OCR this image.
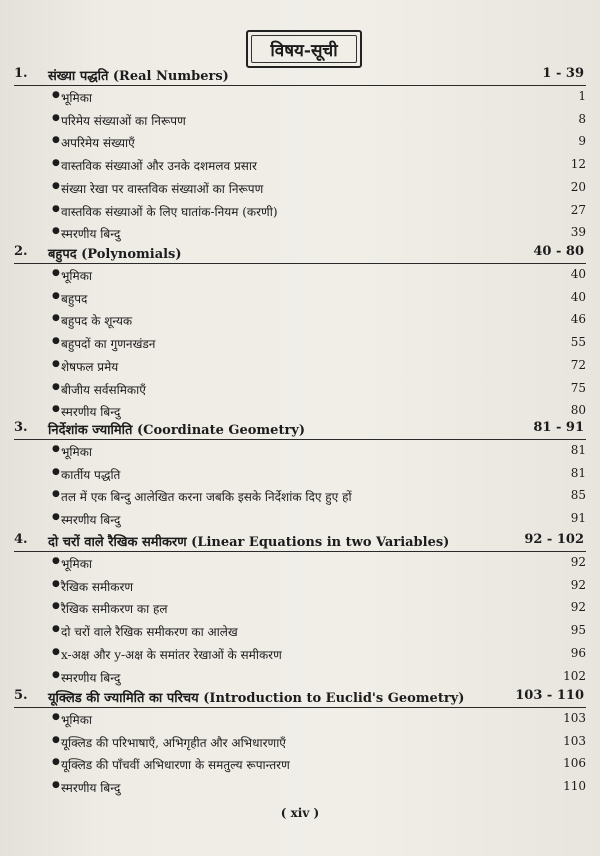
विषय-सूची
1.	संख्या पद्धति (Real Numbers)	1 - 39
● भूमिका	1
● परिमेय संख्याओं का निरूपण	8
● अपरिमेय संख्याएँ	9
● वास्तविक संख्याओं और उनके दशमलव प्रसार	12
● संख्या रेखा पर वास्तविक संख्याओं का निरूपण	20
● वास्तविक संख्याओं के लिए घातांक-नियम (करणी)	27
● स्मरणीय बिन्दु	39
2.	बहुपद (Polynomials)	40 - 80
● भूमिका	40
● बहुपद	40
● बहुपद के शून्यक	46
● बहुपदों का गुणनखंडन	55
● शेषफल प्रमेय	72
● बीजीय सर्वसमिकाएँ	75
● स्मरणीय बिन्दु	80
3.	निर्देशांक ज्यामिति (Coordinate Geometry)	81 - 91
● भूमिका	81
● कार्तीय पद्धति	81
● तल में एक बिन्दु आलेखित करना जबकि इसके निर्देशांक दिए हुए हों	85
● स्मरणीय बिन्दु	91
4.	दो चरों वाले रैखिक समीकरण (Linear Equations in two Variables)	92 - 102
● भूमिका	92
● रैखिक समीकरण	92
● रैखिक समीकरण का हल	92
● दो चरों वाले रैखिक समीकरण का आलेख	95
● x-अक्ष और y-अक्ष के समांतर रेखाओं के समीकरण	96
● स्मरणीय बिन्दु	102
5.	यूक्लिड की ज्यामिति का परिचय (Introduction to Euclid's Geometry)	103 - 110
● भूमिका	103
● यूक्लिड की परिभाषाएँ, अभिगृहीत और अभिधारणाएँ	103
● यूक्लिड की पाँचवीं अभिधारणा के समतुल्य रूपान्तरण	106
● स्मरणीय बिन्दु	110
( xiv )
